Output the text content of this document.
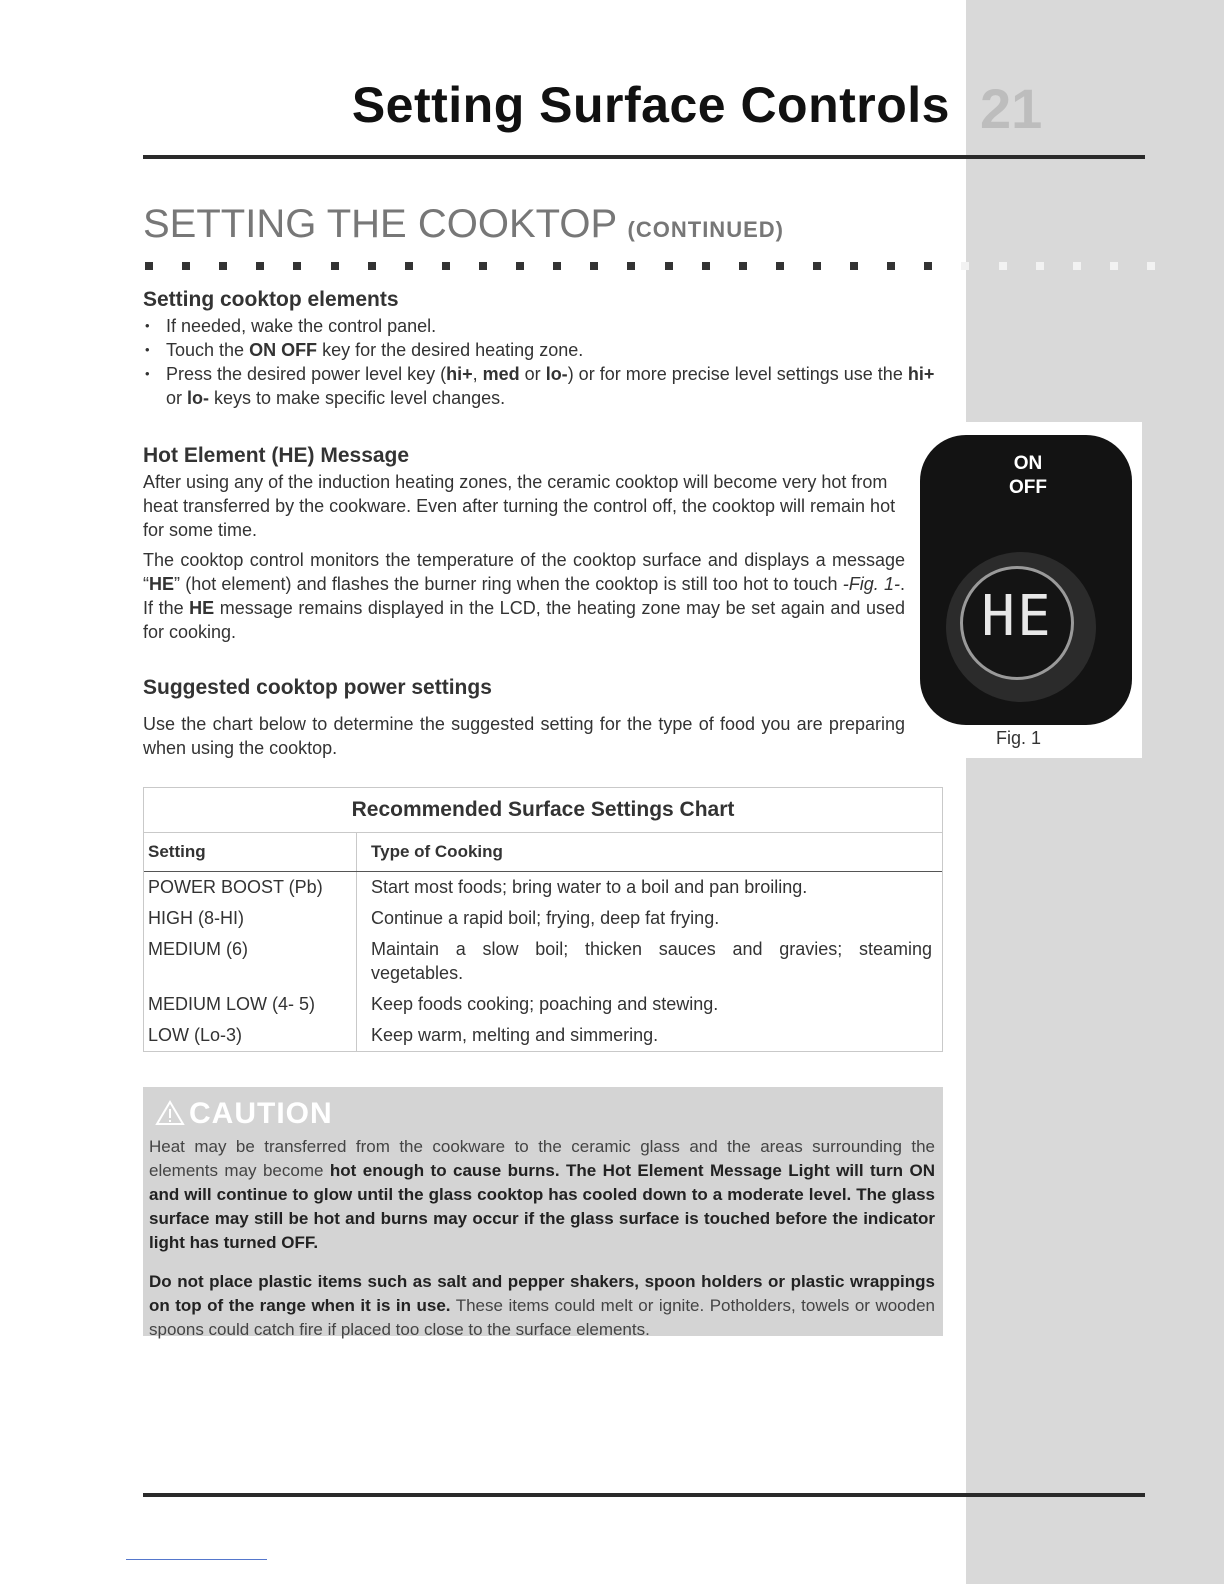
Setting Surface Controls 21
SETTING THE COOKTOP (CONTINUED)
Setting cooktop elements
• If needed, wake the control panel.
• Touch the ON OFF key for the desired heating zone.
• Press the desired power level key (hi+, med or lo-) or for more precise level settings use the hi+ or lo- keys to make specific level changes.
Hot Element (HE) Message

After using any of the induction heating zones, the ceramic cooktop will become very hot from heat transferred by the cookware. Even after turning the control off, the cooktop will remain hot for some time.

The cooktop control monitors the temperature of the cooktop surface and displays a message “HE” (hot element) and flashes the burner ring when the cooktop is still too hot to touch -Fig. 1-. If the HE message remains displayed in the LCD, the heating zone may be set again and used for cooking.

Suggested cooktop power settings

Use the chart below to determine the suggested setting for the type of food you are preparing when using the cooktop.

ON
OFF
HE
Fig. 1
Recommended Surface Settings Chart
Setting	Type of Cooking
POWER BOOST (Pb)	Start most foods; bring water to a boil and pan broiling.
HIGH (8-HI)	Continue a rapid boil; frying, deep fat frying.
MEDIUM (6)	Maintain a slow boil; thicken sauces and gravies; steaming vegetables.
MEDIUM LOW (4- 5)	Keep foods cooking; poaching and stewing.
LOW (Lo-3)	Keep warm, melting and simmering.
CAUTION

Heat may be transferred from the cookware to the ceramic glass and the areas surrounding the elements may become hot enough to cause burns. The Hot Element Message Light will turn ON and will continue to glow until the glass cooktop has cooled down to a moderate level. The glass surface may still be hot and burns may occur if the glass surface is touched before the indicator light has turned OFF.

Do not place plastic items such as salt and pepper shakers, spoon holders or plastic wrappings on top of the range when it is in use. These items could melt or ignite. Potholders, towels or wooden spoons could catch fire if placed too close to the surface elements.
